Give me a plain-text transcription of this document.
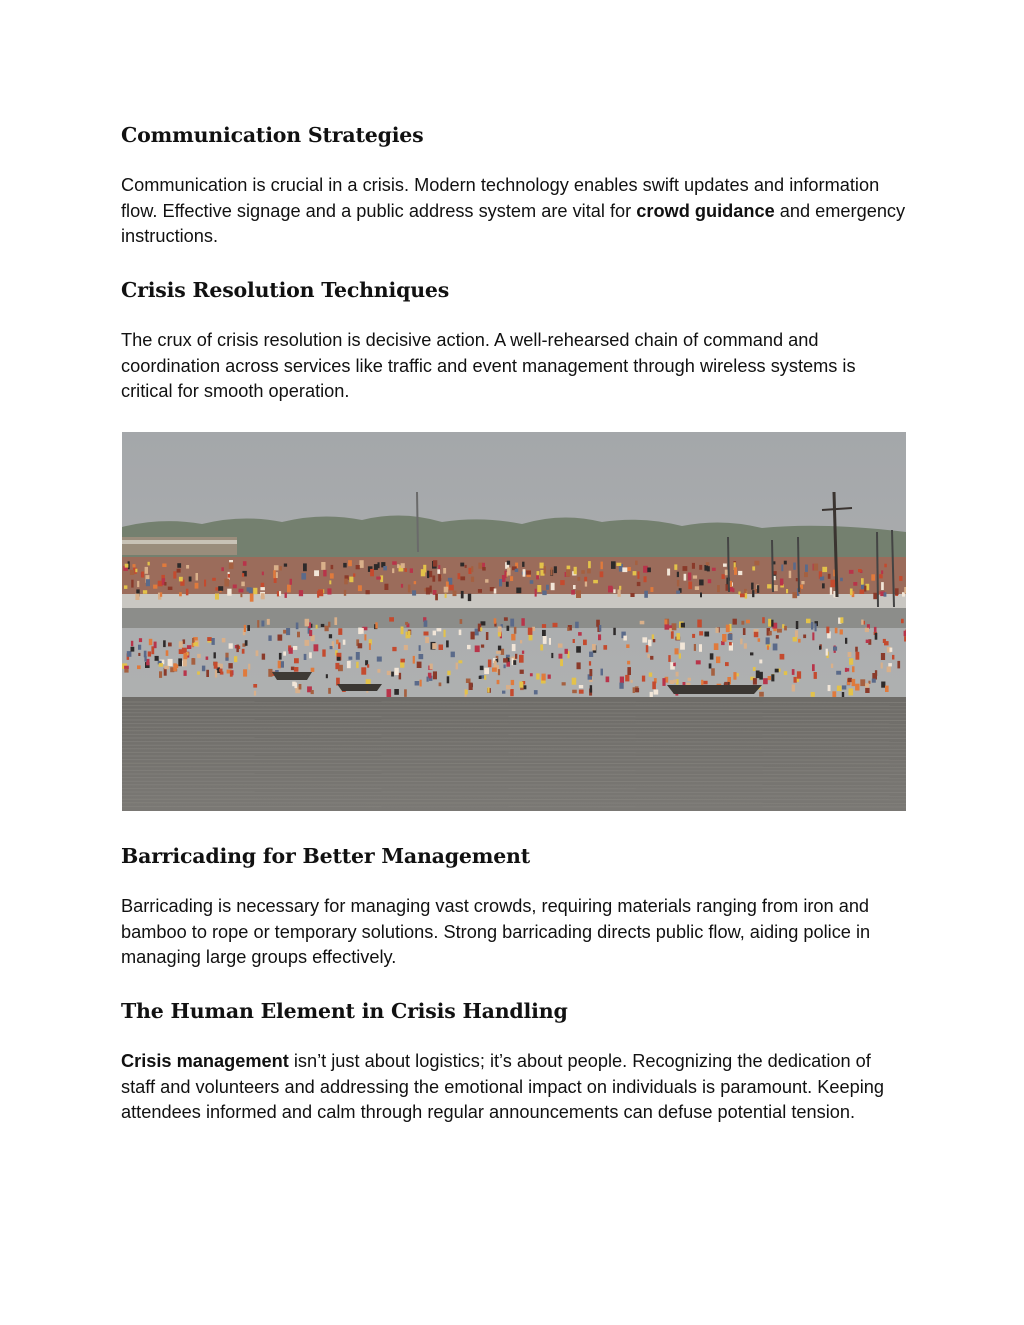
Communication Strategies

Communication is crucial in a crisis. Modern technology enables swift updates and information flow. Effective signage and a public address system are vital for crowd guidance and emergency instructions.

Crisis Resolution Techniques

The crux of crisis resolution is decisive action. A well-rehearsed chain of command and coordination across services like traffic and event management through wireless systems is critical for smooth operation.

Barricading for Better Management

Barricading is necessary for managing vast crowds, requiring materials ranging from iron and bamboo to rope or temporary solutions. Strong barricading directs public flow, aiding police in managing large groups effectively.

The Human Element in Crisis Handling

Crisis management isn’t just about logistics; it’s about people. Recognizing the dedication of staff and volunteers and addressing the emotional impact on individuals is paramount. Keeping attendees informed and calm through regular announcements can defuse potential tension.
